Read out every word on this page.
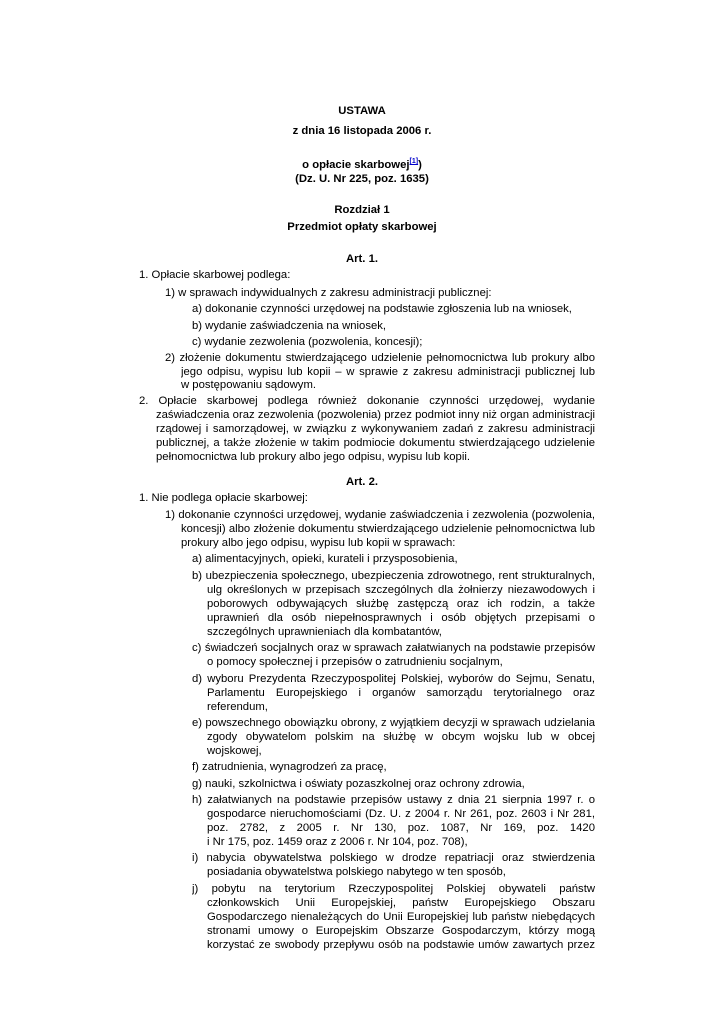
USTAWA
z dnia 16 listopada 2006 r.
o opłacie skarbowej[1])
(Dz. U. Nr 225, poz. 1635)
Rozdział 1
Przedmiot opłaty skarbowej
Art. 1.
1. Opłacie skarbowej podlega:
1) w sprawach indywidualnych z zakresu administracji publicznej:
a) dokonanie czynności urzędowej na podstawie zgłoszenia lub na wniosek,
b) wydanie zaświadczenia na wniosek,
c) wydanie zezwolenia (pozwolenia, koncesji);
2) złożenie dokumentu stwierdzającego udzielenie pełnomocnictwa lub prokury albo
jego odpisu, wypisu lub kopii – w sprawie z zakresu administracji publicznej lub
w postępowaniu sądowym.
2. Opłacie skarbowej podlega również dokonanie czynności urzędowej, wydanie
zaświadczenia oraz zezwolenia (pozwolenia) przez podmiot inny niż organ administracji
rządowej i samorządowej, w związku z wykonywaniem zadań z zakresu administracji
publicznej, a także złożenie w takim podmiocie dokumentu stwierdzającego udzielenie
pełnomocnictwa lub prokury albo jego odpisu, wypisu lub kopii.
Art. 2.
1. Nie podlega opłacie skarbowej:
1) dokonanie czynności urzędowej, wydanie zaświadczenia i zezwolenia (pozwolenia,
koncesji) albo złożenie dokumentu stwierdzającego udzielenie pełnomocnictwa lub
prokury albo jego odpisu, wypisu lub kopii w sprawach:
a) alimentacyjnych, opieki, kurateli i przysposobienia,
b) ubezpieczenia społecznego, ubezpieczenia zdrowotnego, rent strukturalnych,
ulg określonych w przepisach szczególnych dla żołnierzy niezawodowych i
poborowych odbywających służbę zastępczą oraz ich rodzin, a także
uprawnień dla osób niepełnosprawnych i osób objętych przepisami o
szczególnych uprawnieniach dla kombatantów,
c) świadczeń socjalnych oraz w sprawach załatwianych na podstawie przepisów
o pomocy społecznej i przepisów o zatrudnieniu socjalnym,
d) wyboru Prezydenta Rzeczypospolitej Polskiej, wyborów do Sejmu, Senatu,
Parlamentu Europejskiego i organów samorządu terytorialnego oraz
referendum,
e) powszechnego obowiązku obrony, z wyjątkiem decyzji w sprawach udzielania
zgody obywatelom polskim na służbę w obcym wojsku lub w obcej
wojskowej,
f) zatrudnienia, wynagrodzeń za pracę,
g) nauki, szkolnictwa i oświaty pozaszkolnej oraz ochrony zdrowia,
h) załatwianych na podstawie przepisów ustawy z dnia 21 sierpnia 1997 r. o
gospodarce nieruchomościami (Dz. U. z 2004 r. Nr 261, poz. 2603 i Nr 281,
poz. 2782, z 2005 r. Nr 130, poz. 1087, Nr 169, poz. 1420
i Nr 175, poz. 1459 oraz z 2006 r. Nr 104, poz. 708),
i) nabycia obywatelstwa polskiego w drodze repatriacji oraz stwierdzenia
posiadania obywatelstwa polskiego nabytego w ten sposób,
j) pobytu na terytorium Rzeczypospolitej Polskiej obywateli państw
członkowskich Unii Europejskiej, państw Europejskiego Obszaru
Gospodarczego nienależących do Unii Europejskiej lub państw niebędących
stronami umowy o Europejskim Obszarze Gospodarczym, którzy mogą
korzystać ze swobody przepływu osób na podstawie umów zawartych przez
